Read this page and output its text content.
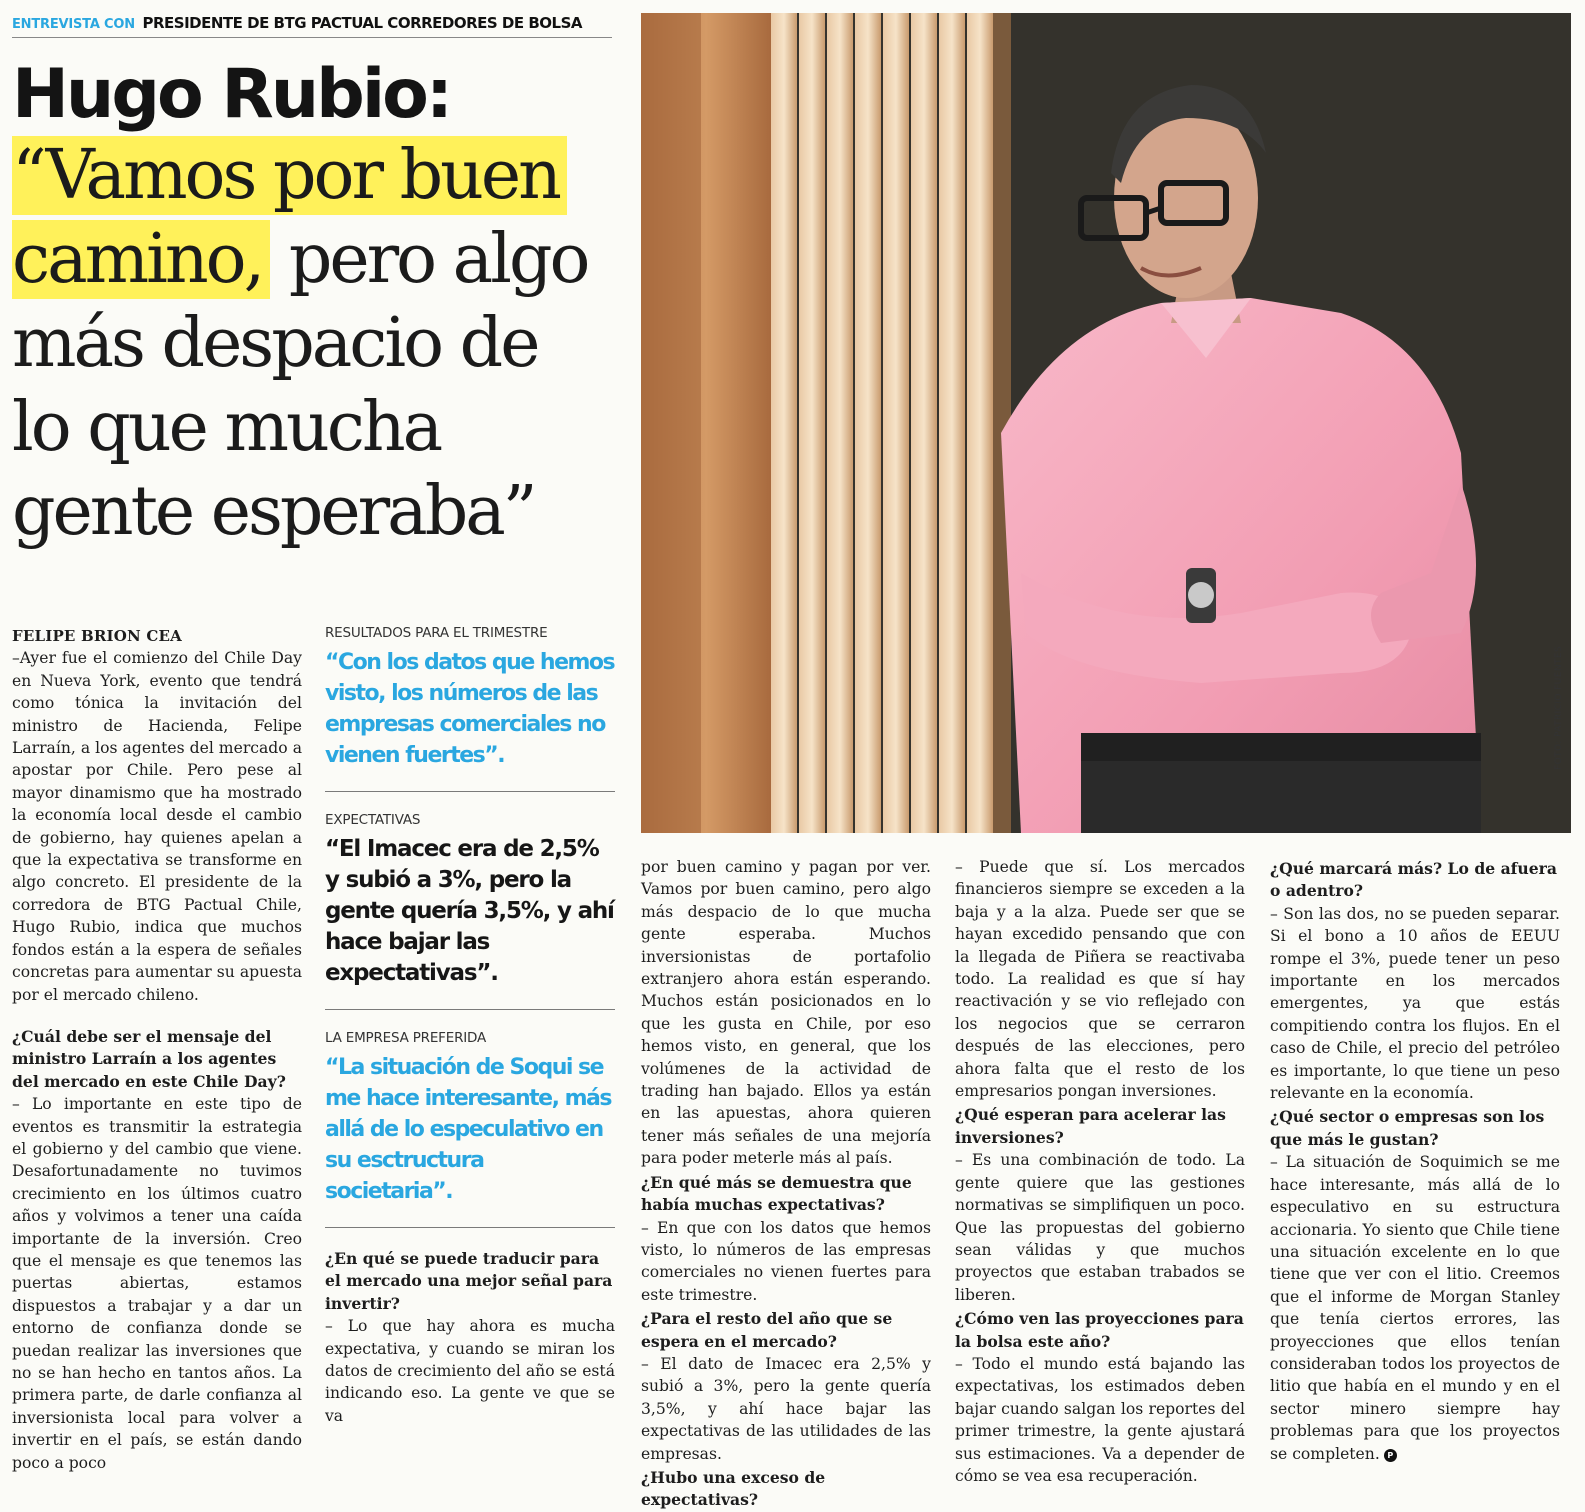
ENTREVISTA CON PRESIDENTE DE BTG PACTUAL CORREDORES DE BOLSA
Hugo Rubio:
“Vamos por buen
camino, pero algo
más despacio de lo que mucha gente esperaba”
FOTO: PATRICIO FUENTES

FELIPE BRION CEA

–Ayer fue el comienzo del Chile Day en Nueva York, evento que tendrá como tónica la invitación del ministro de Hacienda, Felipe Larraín, a los agentes del mercado a apostar por Chile. Pero pese al mayor dinamismo que ha mostrado la economía local desde el cambio de gobierno, hay quienes apelan a que la expectativa se transforme en algo concreto. El presidente de la corredora de BTG Pactual Chile, Hugo Rubio, indica que muchos fondos están a la espera de señales concretas para aumentar su apuesta por el mercado chileno.

¿Cuál debe ser el mensaje del ministro Larraín a los agentes del mercado en este Chile Day?

– Lo importante en este tipo de eventos es transmitir la estrategia el gobierno y del cambio que viene. Desafortunadamente no tuvimos crecimiento en los últimos cuatro años y volvimos a tener una caída importante de la inversión. Creo que el mensaje es que tenemos las puertas abiertas, estamos dispuestos a trabajar y a dar un entorno de confianza donde se puedan realizar las inversiones que no se han hecho en tantos años. La primera parte, de darle confianza al inversionista local para volver a invertir en el país, se están dando poco a poco

RESULTADOS PARA EL TRIMESTRE
“Con los datos que hemos visto, los números de las empresas comerciales no vienen fuertes”.
EXPECTATIVAS
“El Imacec era de 2,5% y subió a 3%, pero la gente quería 3,5%, y ahí hace bajar las expectativas”.
LA EMPRESA PREFERIDA
“La situación de Soqui se me hace interesante, más allá de lo especulativo en su esctructura societaria”.

¿En qué se puede traducir para el mercado una mejor señal para invertir?

– Lo que hay ahora es mucha expectativa, y cuando se miran los datos de crecimiento del año se está indicando eso. La gente ve que se va

por buen camino y pagan por ver. Vamos por buen camino, pero algo más despacio de lo que mucha gente esperaba. Muchos inversionistas de portafolio extranjero ahora están esperando. Muchos están posicionados en lo que les gusta en Chile, por eso hemos visto, en general, que los volúmenes de la actividad de trading han bajado. Ellos ya están en las apuestas, ahora quieren tener más señales de una mejoría para poder meterle más al país.

¿En qué más se demuestra que había muchas expectativas?

– En que con los datos que hemos visto, lo números de las empresas comerciales no vienen fuertes para este trimestre.

¿Para el resto del año que se espera en el mercado?

– El dato de Imacec era 2,5% y subió a 3%, pero la gente quería 3,5%, y ahí hace bajar las expectativas de las utilidades de las empresas.

¿Hubo una exceso de expectativas?

– Puede que sí. Los mercados financieros siempre se exceden a la baja y a la alza. Puede ser que se hayan excedido pensando que con la llegada de Piñera se reactivaba todo. La realidad es que sí hay reactivación y se vio reflejado con los negocios que se cerraron después de las elecciones, pero ahora falta que el resto de los empresarios pongan inversiones.

¿Qué esperan para acelerar las inversiones?

– Es una combinación de todo. La gente quiere que las gestiones normativas se simplifiquen un poco. Que las propuestas del gobierno sean válidas y que muchos proyectos que estaban trabados se liberen.

¿Cómo ven las proyecciones para la bolsa este año?

– Todo el mundo está bajando las expectativas, los estimados deben bajar cuando salgan los reportes del primer trimestre, la gente ajustará sus estimaciones. Va a depender de cómo se vea esa recuperación.

¿Qué marcará más? Lo de afuera o adentro?

– Son las dos, no se pueden separar. Si el bono a 10 años de EEUU rompe el 3%, puede tener un peso importante en los mercados emergentes, ya que estás compitiendo contra los flujos. En el caso de Chile, el precio del petróleo es importante, lo que tiene un peso relevante en la economía.

¿Qué sector o empresas son los que más le gustan?

– La situación de Soquimich se me hace interesante, más allá de lo especulativo en su estructura accionaria. Yo siento que Chile tiene una situación excelente en lo que tiene que ver con el litio. Creemos que el informe de Morgan Stanley que tenía ciertos errores, las proyecciones que ellos tenían consideraban todos los proyectos de litio que había en el mundo y en el sector minero siempre hay problemas para que los proyectos se completen. P
